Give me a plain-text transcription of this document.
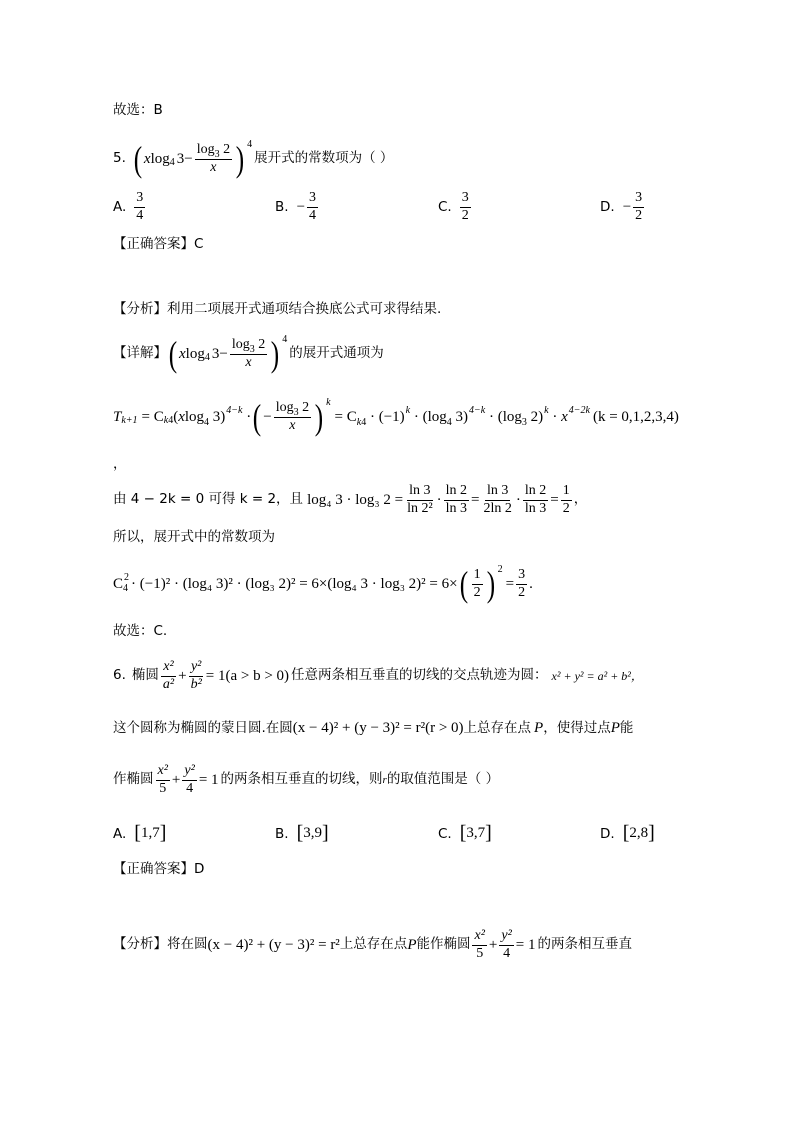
故选：B
5. ( x log 4 $3 - \frac{\log_3 2}{x}$ ) 4
展开式的常数项为（ ）
A. $\frac{3}{4}$	B. − $\frac{3}{4}$	C. $\frac{3}{2}$	D. − $\frac{3}{2}$
【正确答案】C
【分析】利用二项展开式通项结合换底公式可求得结果.
【详解】 ( x log 4 $3 - \frac{\log_3 2}{x}$ ) 4
的展开式通项为
T k+1 = C k 4 (xlog$_4$ 3)$^{4-k}$ · ( − $\frac{\log_3 2}{x}$ ) k
= $C_{k4} \cdot (-1)^k \cdot (\log_4$ $3)^{4-k} \cdot (\log_3$ $2)^k \cdot x^{4-2k}$ (k = 0,1,2,3,4)
，
由 4 − 2k = 0 可得 k = 2，且 log₄ 3 · log₃ $2 = \frac{\ln 3}{\text{ln 2²}} \cdot \frac{\ln 2}{\ln 3} = \frac{\ln 3}{2\ln 2} \cdot \frac{\ln 2}{\ln 3} = \frac{1}{2}$ ，
所以，展开式中的常数项为
C 2
4 · (−1)² · (log₄ 3)² · (log₃ 2)² = 6×(log₄ 3 · log₃ 2)² = 6× ( $\frac{1}{2}$ ) 2
= $\frac{3}{2}$ .
故选：C.
6. 椭圆 $\frac{\text{x²}}{\text{a²}} + \frac{\text{y²}}{\text{b²}} = 1(a > b > 0)$ 任意两条相互垂直的切线的交点轨迹为圆： x² + y² = a² + b²，
这个圆称为椭圆的蒙日圆.在圆 (x − 4)² + (y − 3)² = r²(r > 0) 上总存在点 P ，使得过点 P 能
作椭圆 $\frac{\text{x²}}{5} + \frac{\text{y²}}{4} = 1$ 的两条相互垂直的切线，则 r 的取值范围是（ ）
A. [ 1,7 ]	B. [ 3,9 ]	C. [ 3,7 ]	D. [ 2,8 ]
【正确答案】D
【分析】将在圆 (x − 4)² + (y − 3)² = r² 上总存在点 P 能作椭圆 $\frac{\text{x²}}{5} + \frac{\text{y²}}{4} = 1$ 的两条相互垂直
